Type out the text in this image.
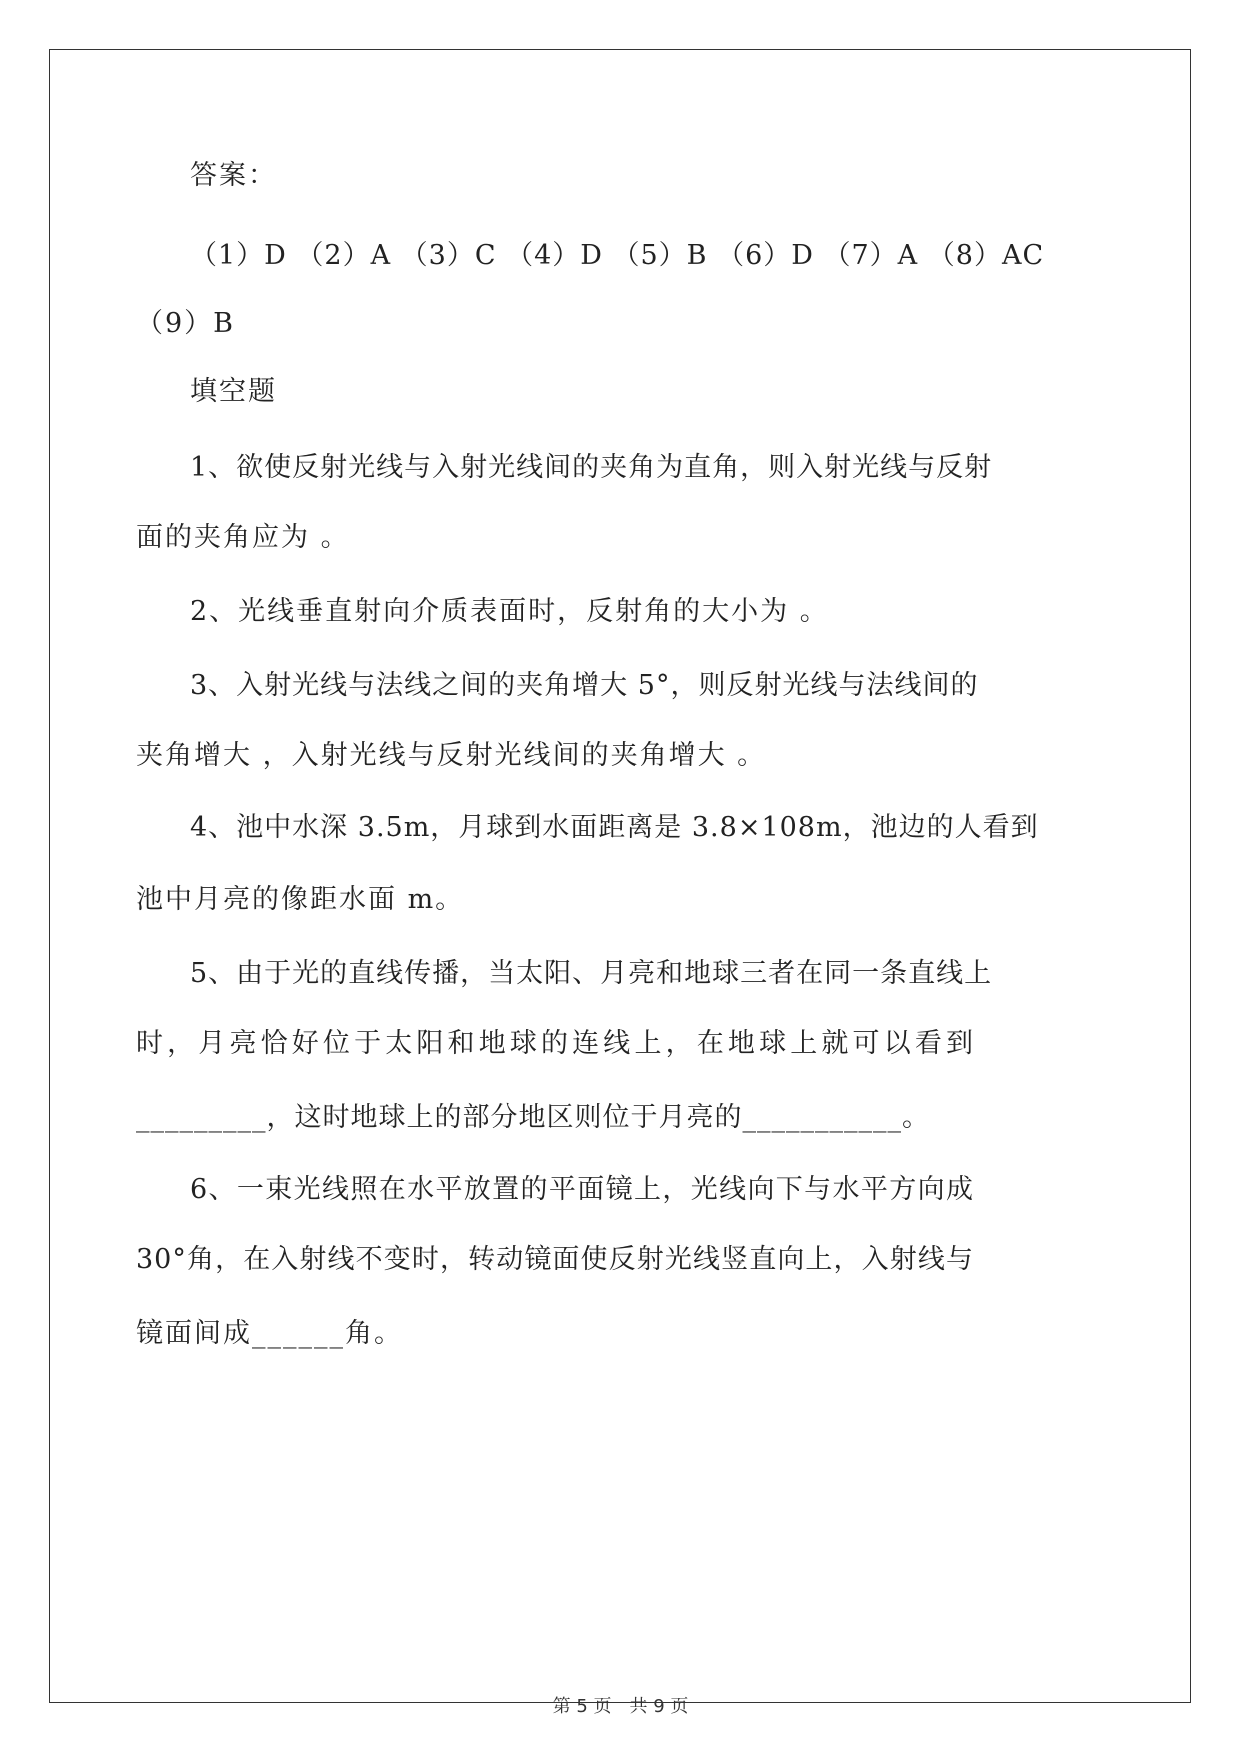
答案：
（1）D （2）A （3）C （4）D （5）B （6）D （7）A （8）AC
（9）B
填空题
1、欲使反射光线与入射光线间的夹角为直角，则入射光线与反射
面的夹角应为 。
2、光线垂直射向介质表面时，反射角的大小为 。
3、入射光线与法线之间的夹角增大 5°，则反射光线与法线间的
夹角增大 ，入射光线与反射光线间的夹角增大 。
4、池中水深 3.5m，月球到水面距离是 3.8×108m，池边的人看到
池中月亮的像距水面 m。
5、由于光的直线传播，当太阳、月亮和地球三者在同一条直线上
时，月亮恰好位于太阳和地球的连线上，在地球上就可以看到
_________，这时地球上的部分地区则位于月亮的___________。
6、一束光线照在水平放置的平面镜上，光线向下与水平方向成
30°角，在入射线不变时，转动镜面使反射光线竖直向上，入射线与
镜面间成______角。
第 5 页　共 9 页
